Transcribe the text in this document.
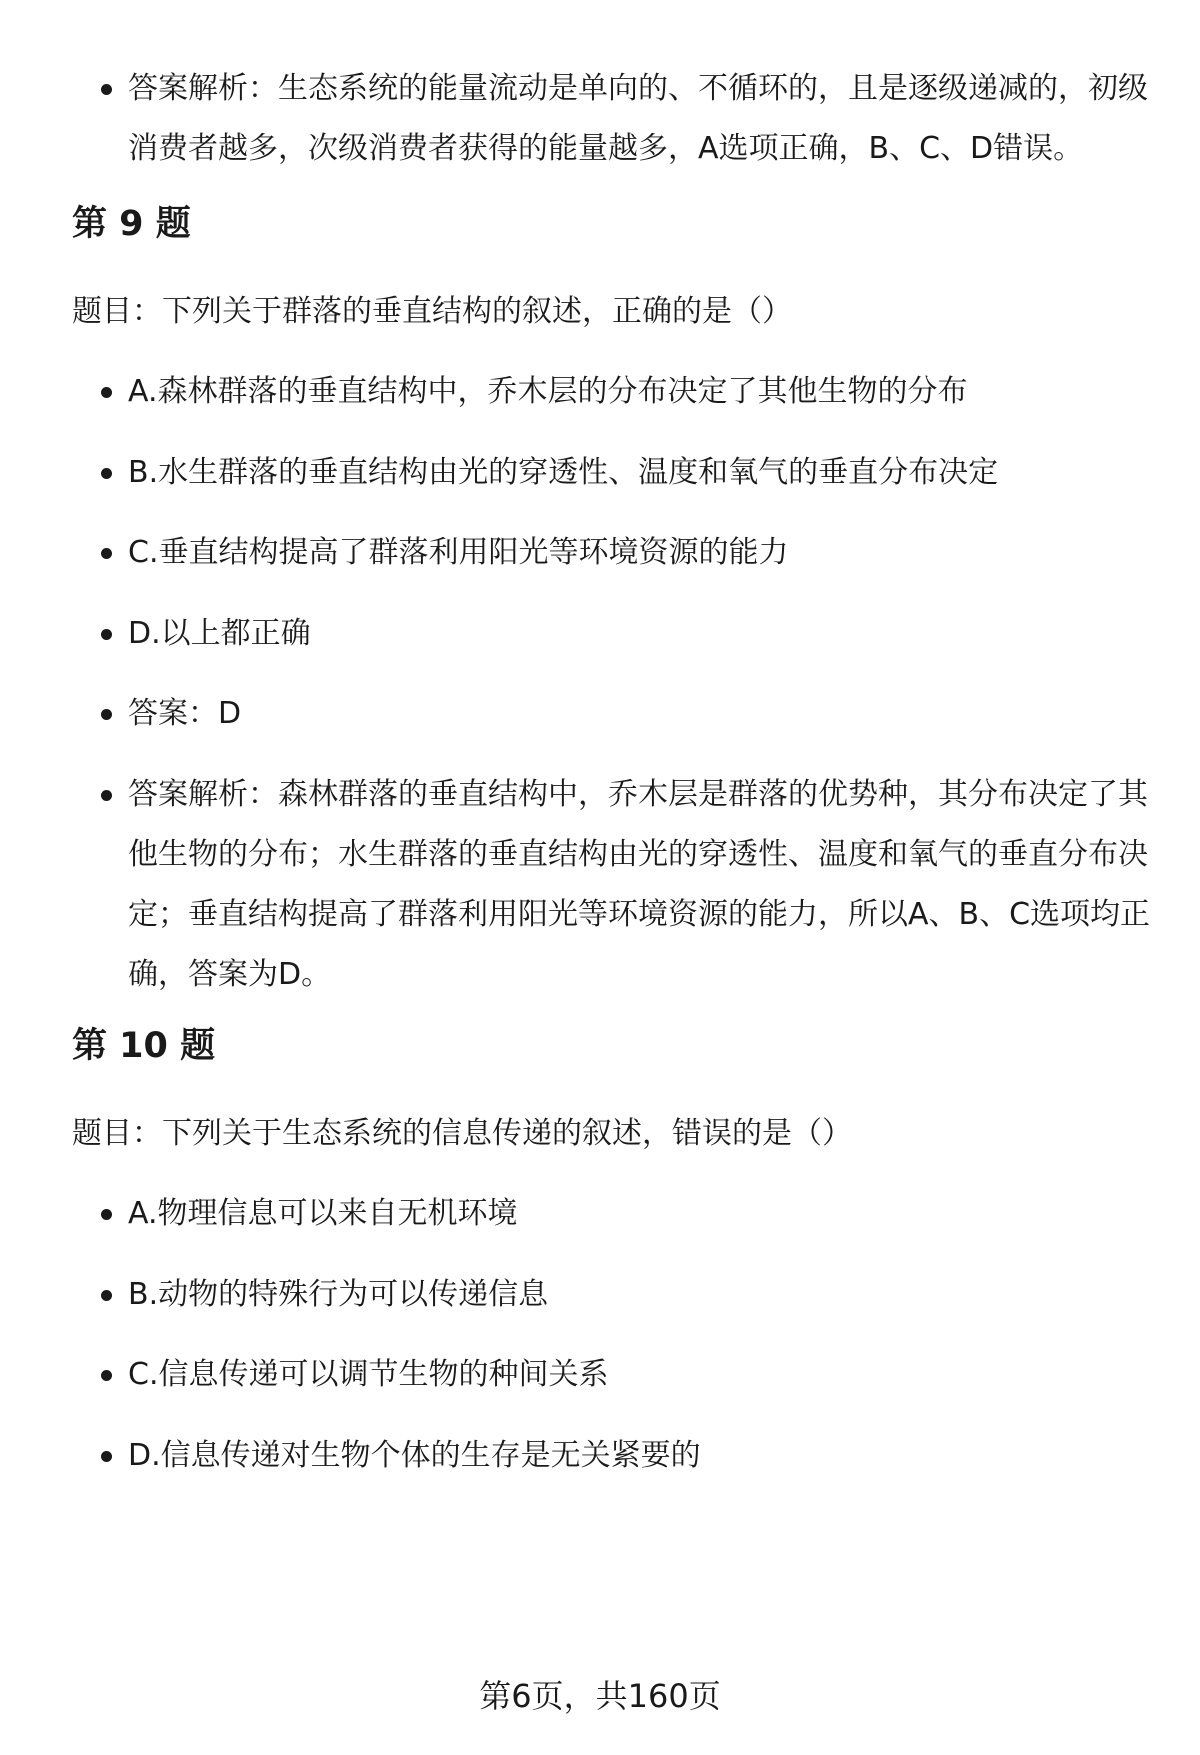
答案解析：生态系统的能量流动是单向的、不循环的，且是逐级递减的，初级消费者越多，次级消费者获得的能量越多，A选项正确，B、C、D错误。
第 9 题
题目：下列关于群落的垂直结构的叙述，正确的是（）
A.森林群落的垂直结构中，乔木层的分布决定了其他生物的分布
B.水生群落的垂直结构由光的穿透性、温度和氧气的垂直分布决定
C.垂直结构提高了群落利用阳光等环境资源的能力
D.以上都正确
答案：D
答案解析：森林群落的垂直结构中，乔木层是群落的优势种，其分布决定了其他生物的分布；水生群落的垂直结构由光的穿透性、温度和氧气的垂直分布决定；垂直结构提高了群落利用阳光等环境资源的能力，所以A、B、C选项均正确，答案为D。
第 10 题
题目：下列关于生态系统的信息传递的叙述，错误的是（）
A.物理信息可以来自无机环境
B.动物的特殊行为可以传递信息
C.信息传递可以调节生物的种间关系
D.信息传递对生物个体的生存是无关紧要的
第6页，共160页
